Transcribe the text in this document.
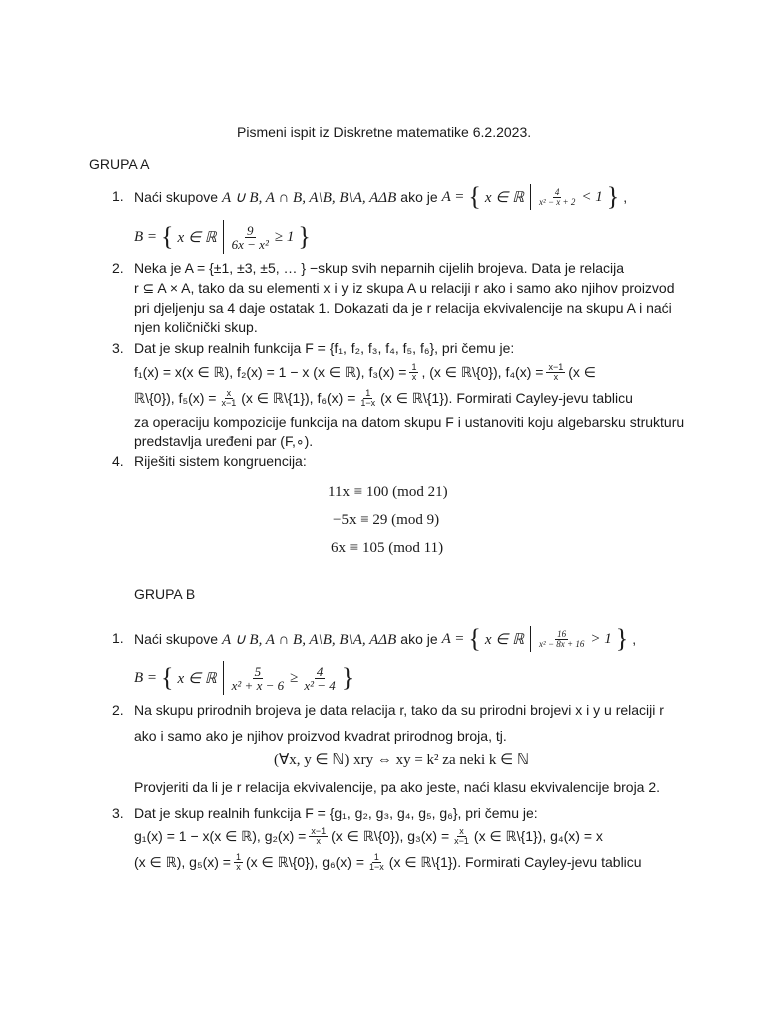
Pismeni ispit iz Diskretne matematike 6.2.2023.
GRUPA A
1. Naći skupove A ∪ B, A ∩ B, A\B, B\A, AΔB ako je A = { x ∈ ℝ $\frac{4}{\text{x² − x + 2}} < 1$ } ,
B = { x ∈ ℝ $\frac{9}{\text{6x − x²}} \ge 1$ }
2. Neka je A = {±1, ±3, ±5, … } −skup svih neparnih cijelih brojeva. Data je relacija
r ⊆ A × A, tako da su elementi x i y iz skupa A u relaciji r ako i samo ako njihov proizvod
pri djeljenju sa 4 daje ostatak 1. Dokazati da je r relacija ekvivalencije na skupu A i naći
njen količnički skup.
3. Dat je skup realnih funkcija F = {f₁, f₂, f₃, f₄, f₅, f₆}, pri čemu je:
f₁(x) = x(x ∈ ℝ), f₂(x) = 1 − x (x ∈ ℝ), $f_3(x) = \frac{1}{x}$ , (x ∈ ℝ\{0}), $f_4(x) = \frac{x-1}{x} (x$ ∈
ℝ\{0}), $f_5(x) = \frac{x}{x-1} (x$ ∈ ℝ\{1}), $f_6(x) = \frac{1}{1-x} (x$ ∈ ℝ\{1}). Formirati Cayley-jevu tablicu
za operaciju kompozicije funkcija na datom skupu F i ustanoviti koju algebarsku strukturu
predstavlja uređeni par (F,∘).
4. Riješiti sistem kongruencija:
11x ≡ 100 (mod 21)
−5x ≡ 29 (mod 9)
6x ≡ 105 (mod 11)
GRUPA B
1. Naći skupove A ∪ B, A ∩ B, A\B, B\A, AΔB ako je A = { x ∈ ℝ $\frac{16}{\text{x² − 8x + 16}} > 1$ } ,
B = { x ∈ ℝ $\frac{5}{\text{x² + x − 6}} \ge \frac{4}{\text{x² − 4}}$ }
2. Na skupu prirodnih brojeva je data relacija r, tako da su prirodni brojevi x i y u relaciji r
ako i samo ako je njihov proizvod kvadrat prirodnog broja, tj.
(∀x, y ∈ ℕ) xry ⇔ xy = k² za neki k ∈ ℕ
Provjeriti da li je r relacija ekvivalencije, pa ako jeste, naći klasu ekvivalencije broja 2.
3. Dat je skup realnih funkcija F = {g₁, g₂, g₃, g₄, g₅, g₆}, pri čemu je:
g₁(x) = 1 − x(x ∈ ℝ), $g_2(x) = \frac{x-1}{x} (x$ ∈ ℝ\{0}), $g_3(x) = \frac{x}{x-1} (x$ ∈ ℝ\{1}), g₄(x) = x
(x ∈ ℝ), $g_5(x) = \frac{1}{x} (x$ ∈ ℝ\{0}), $g_6(x) = \frac{1}{1-x} (x$ ∈ ℝ\{1}). Formirati Cayley-jevu tablicu
